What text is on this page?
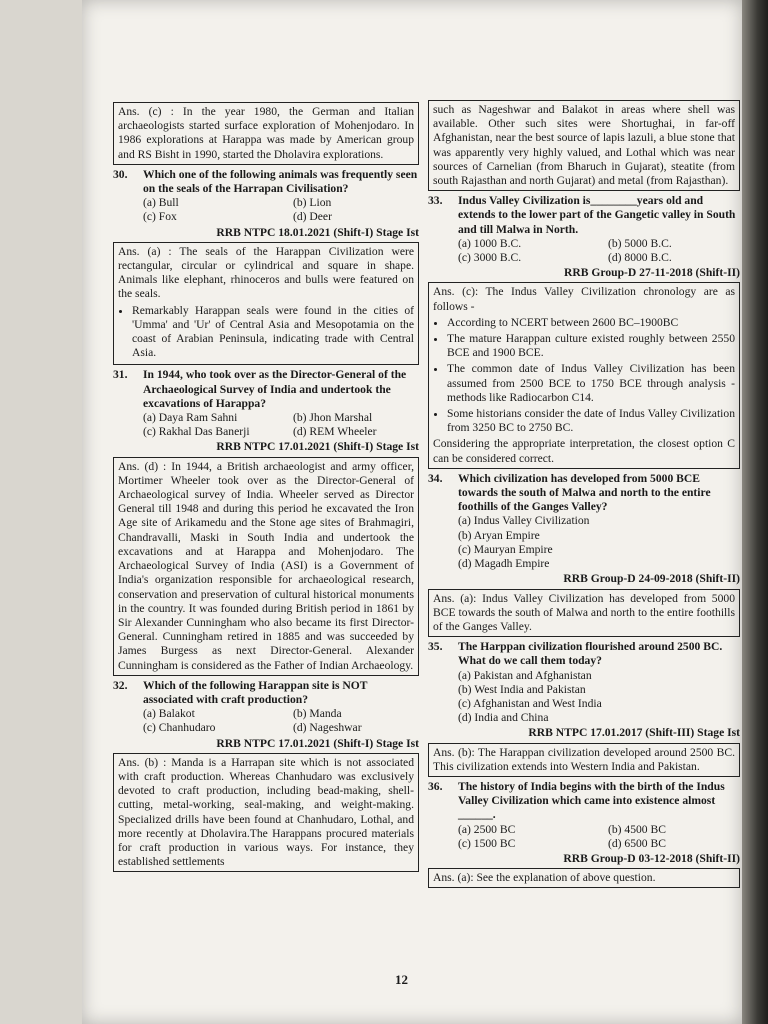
Ans. (c) : In the year 1980, the German and Italian archaeologists started surface exploration of Mohenjodaro. In 1986 explorations at Harappa was made by American group and RS Bisht in 1990, started the Dholavira explorations.

30.	Which one of the following animals was frequently seen on the seals of the Harrapan Civilisation?
(a) Bull	(b) Lion
(c) Fox	(d) Deer
RRB NTPC 18.01.2021 (Shift-I) Stage Ist

Ans. (a) : The seals of the Harappan Civilization were rectangular, circular or cylindrical and square in shape. Animals like elephant, rhinoceros and bulls were featured on the seals.

• Remarkably Harappan seals were found in the cities of 'Umma' and 'Ur' of Central Asia and Mesopotamia on the coast of Arabian Peninsula, indicating trade with Central Asia.
31.	In 1944, who took over as the Director-General of the Archaeological Survey of India and undertook the excavations of Harappa?
(a) Daya Ram Sahni	(b) Jhon Marshal
(c) Rakhal Das Banerji	(d) REM Wheeler
RRB NTPC 17.01.2021 (Shift-I) Stage Ist

Ans. (d) : In 1944, a British archaeologist and army officer, Mortimer Wheeler took over as the Director-General of Archaeological survey of India. Wheeler served as Director General till 1948 and during this period he excavated the Iron Age site of Arikamedu and the Stone age sites of Brahmagiri, Chandravalli, Maski in South India and undertook the excavations and at Harappa and Mohenjodaro. The Archaeological Survey of India (ASI) is a Government of India's organization responsible for archaeological research, conservation and preservation of cultural historical monuments in the country. It was founded during British period in 1861 by Sir Alexander Cunningham who also became its first Director-General. Cunningham retired in 1885 and was succeeded by James Burgess as next Director-General. Alexander Cunningham is considered as the Father of Indian Archaeology.

32.	Which of the following Harappan site is NOT associated with craft production?
(a) Balakot	(b) Manda
(c) Chanhudaro	(d) Nageshwar
RRB NTPC 17.01.2021 (Shift-I) Stage Ist

Ans. (b) : Manda is a Harrapan site which is not associated with craft production. Whereas Chanhudaro was exclusively devoted to craft production, including bead-making, shell-cutting, metal-working, seal-making, and weight-making. Specialized drills have been found at Chanhudaro, Lothal, and more recently at Dholavira.The Harappans procured materials for craft production in various ways. For instance, they established settlements

such as Nageshwar and Balakot in areas where shell was available. Other such sites were Shortughai, in far-off Afghanistan, near the best source of lapis lazuli, a blue stone that was apparently very highly valued, and Lothal which was near sources of Carnelian (from Bharuch in Gujarat), steatite (from south Rajasthan and north Gujarat) and metal (from Rajasthan).

33.	Indus Valley Civilization is________years old and extends to the lower part of the Gangetic valley in South and till Malwa in North.
(a) 1000 B.C.	(b) 5000 B.C.
(c) 3000 B.C.	(d) 8000 B.C.
RRB Group-D 27-11-2018 (Shift-II)

Ans. (c): The Indus Valley Civilization chronology are as follows -

• According to NCERT between 2600 BC–1900BC
• The mature Harappan culture existed roughly between 2550 BCE and 1900 BCE.
• The common date of Indus Valley Civilization has been assumed from 2500 BCE to 1750 BCE through analysis - methods like Radiocarbon C14.
• Some historians consider the date of Indus Valley Civilization from 3250 BC to 2750 BC.

Considering the appropriate interpretation, the closest option C can be considered correct.

34.	Which civilization has developed from 5000 BCE towards the south of Malwa and north to the entire foothills of the Ganges Valley?
(a) Indus Valley Civilization
(b) Aryan Empire
(c) Mauryan Empire
(d) Magadh Empire
RRB Group-D 24-09-2018 (Shift-II)

Ans. (a): Indus Valley Civilization has developed from 5000 BCE towards the south of Malwa and north to the entire foothills of the Ganges Valley.

35.	The Harppan civilization flourished around 2500 BC. What do we call them today?
(a) Pakistan and Afghanistan
(b) West India and Pakistan
(c) Afghanistan and West India
(d) India and China
RRB NTPC 17.01.2017 (Shift-III) Stage Ist

Ans. (b): The Harappan civilization developed around 2500 BC. This civilization extends into Western India and Pakistan.

36.	The history of India begins with the birth of the Indus Valley Civilization which came into existence almost ______.
(a) 2500 BC	(b) 4500 BC
(c) 1500 BC	(d) 6500 BC
RRB Group-D 03-12-2018 (Shift-II)

Ans. (a): See the explanation of above question.

12
